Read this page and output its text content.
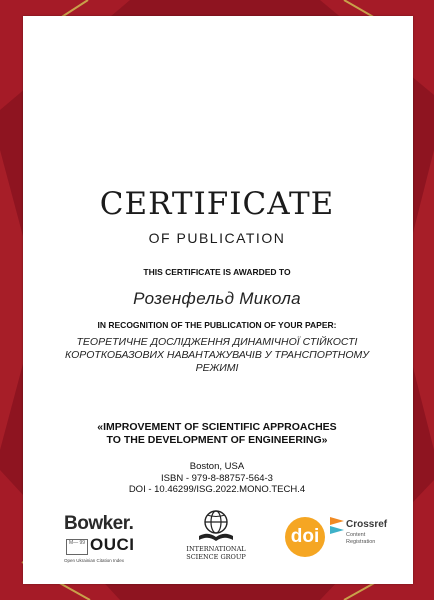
CERTIFICATE
OF PUBLICATION
THIS CERTIFICATE IS AWARDED TO
Розенфельд Микола
IN RECOGNITION OF THE PUBLICATION OF YOUR PAPER:
ТЕОРЕТИЧНЕ ДОСЛІДЖЕННЯ ДИНАМІЧНОЇ СТІЙКОСТІ
КОРОТКОБАЗОВИХ НАВАНТАЖУВАЧІВ У ТРАНСПОРТНОМУ
РЕЖИМІ
«IMPROVEMENT OF SCIENTIFIC APPROACHES
TO THE DEVELOPMENT OF ENGINEERING»
Boston, USA
ISBN - 979-8-88757-564-3
DOI - 10.46299/ISG.2022.MONO.TECH.4
Bowker.
M— 99 OUCI
Open Ukrainian Citation Index
INTERNATIONAL
SCIENCE GROUP
doi
Crossref
Content
Registration
